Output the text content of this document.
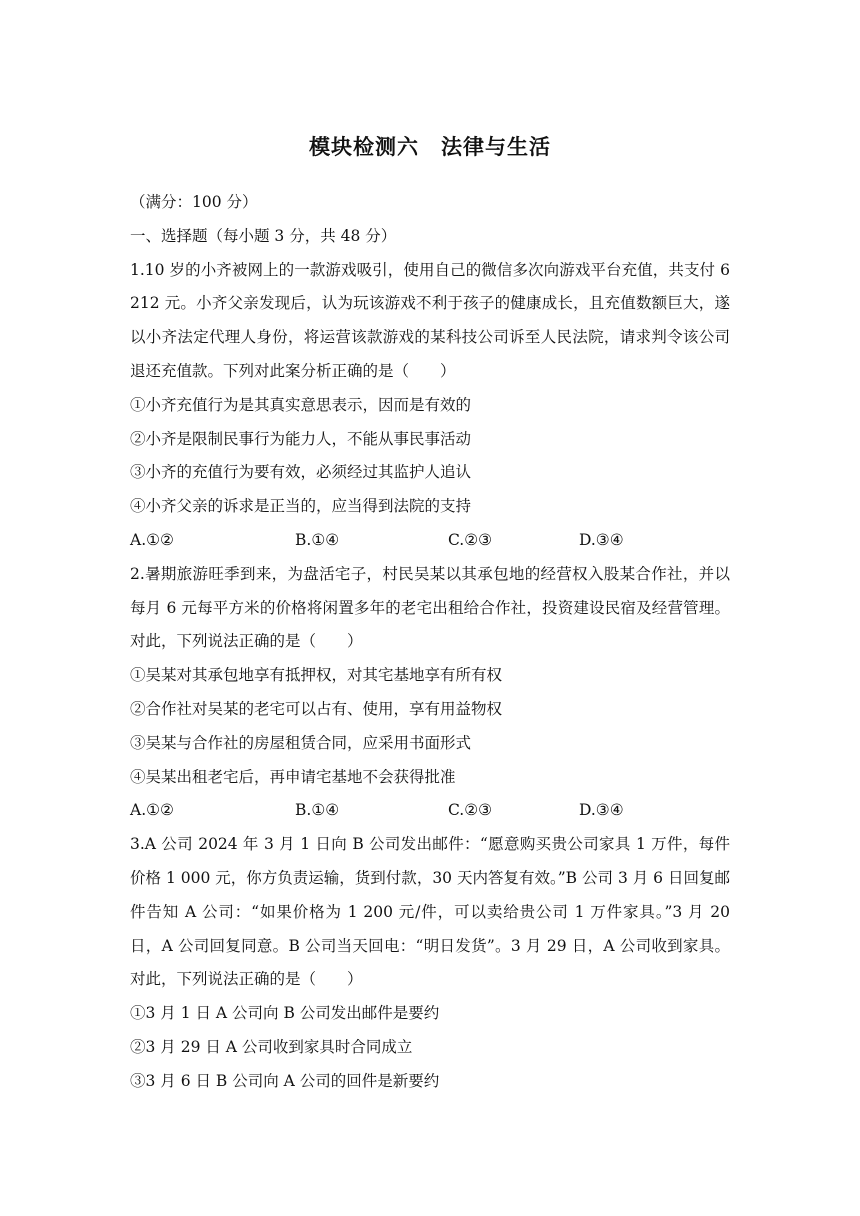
模块检测六　法律与生活
（满分：100 分）
一、选择题（每小题 3 分，共 48 分）
1.10 岁的小齐被网上的一款游戏吸引，使用自己的微信多次向游戏平台充值，共支付 6 212 元。小齐父亲发现后，认为玩该游戏不利于孩子的健康成长，且充值数额巨大，遂以小齐法定代理人身份，将运营该款游戏的某科技公司诉至人民法院，请求判令该公司退还充值款。下列对此案分析正确的是（　　）
①小齐充值行为是其真实意思表示，因而是有效的
②小齐是限制民事行为能力人，不能从事民事活动
③小齐的充值行为要有效，必须经过其监护人追认
④小齐父亲的诉求是正当的，应当得到法院的支持
A.①②	B.①④	C.②③	D.③④
2.暑期旅游旺季到来，为盘活宅子，村民吴某以其承包地的经营权入股某合作社，并以每月 6 元每平方米的价格将闲置多年的老宅出租给合作社，投资建设民宿及经营管理。对此，下列说法正确的是（　　）
①吴某对其承包地享有抵押权，对其宅基地享有所有权
②合作社对吴某的老宅可以占有、使用，享有用益物权
③吴某与合作社的房屋租赁合同，应采用书面形式
④吴某出租老宅后，再申请宅基地不会获得批准
A.①②	B.①④	C.②③	D.③④
3.A 公司 2024 年 3 月 1 日向 B 公司发出邮件：“愿意购买贵公司家具 1 万件，每件价格 1 000 元，你方负责运输，货到付款，30 天内答复有效。”B 公司 3 月 6 日回复邮件告知 A 公司：“如果价格为 1 200 元/件，可以卖给贵公司 1 万件家具。”3 月 20 日，A 公司回复同意。B 公司当天回电：“明日发货”。3 月 29 日，A 公司收到家具。对此，下列说法正确的是（　　）
①3 月 1 日 A 公司向 B 公司发出邮件是要约
②3 月 29 日 A 公司收到家具时合同成立
③3 月 6 日 B 公司向 A 公司的回件是新要约
